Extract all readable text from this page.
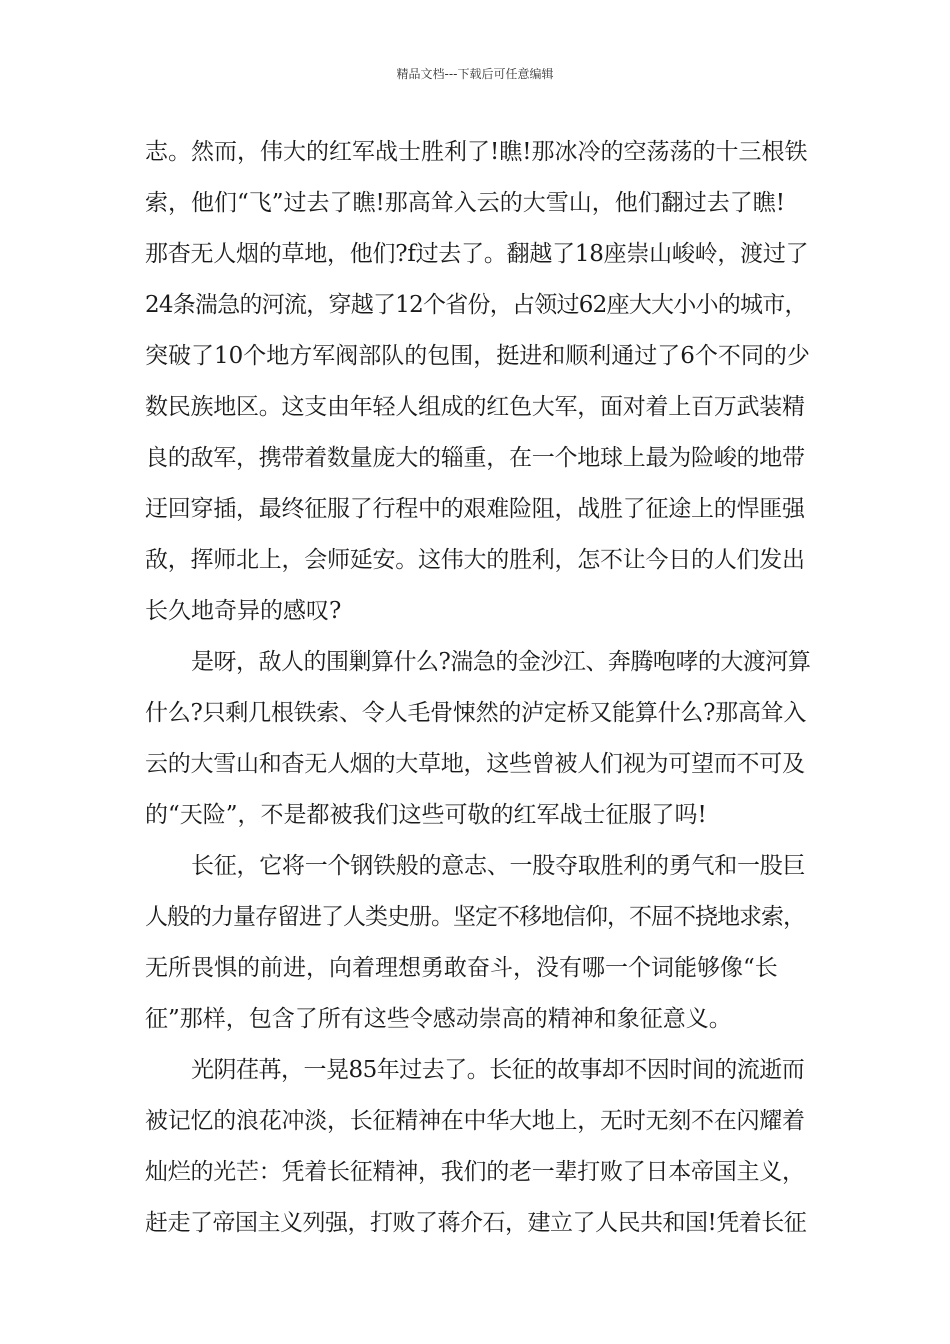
精品文档---下载后可任意编辑
志。然而，伟大的红军战士胜利了!瞧!那冰冷的空荡荡的十三根铁
索，他们“飞”过去了瞧!那高耸入云的大雪山，他们翻过去了瞧!
那杳无人烟的草地，他们?f过去了。翻越了18座崇山峻岭，渡过了
24条湍急的河流，穿越了12个省份，占领过62座大大小小的城市，
突破了10个地方军阀部队的包围，挺进和顺利通过了6个不同的少
数民族地区。这支由年轻人组成的红色大军，面对着上百万武装精
良的敌军，携带着数量庞大的辎重，在一个地球上最为险峻的地带
迂回穿插，最终征服了行程中的艰难险阻，战胜了征途上的悍匪强
敌，挥师北上，会师延安。这伟大的胜利，怎不让今日的人们发出
长久地奇异的感叹?
是呀，敌人的围剿算什么?湍急的金沙江、奔腾咆哮的大渡河算
什么?只剩几根铁索、令人毛骨悚然的泸定桥又能算什么?那高耸入
云的大雪山和杳无人烟的大草地，这些曾被人们视为可望而不可及
的“天险”，不是都被我们这些可敬的红军战士征服了吗!
长征，它将一个钢铁般的意志、一股夺取胜利的勇气和一股巨
人般的力量存留进了人类史册。坚定不移地信仰，不屈不挠地求索，
无所畏惧的前进，向着理想勇敢奋斗，没有哪一个词能够像“长
征”那样，包含了所有这些令感动崇高的精神和象征意义。
光阴荏苒，一晃85年过去了。长征的故事却不因时间的流逝而
被记忆的浪花冲淡，长征精神在中华大地上，无时无刻不在闪耀着
灿烂的光芒：凭着长征精神，我们的老一辈打败了日本帝国主义，
赶走了帝国主义列强，打败了蒋介石，建立了人民共和国!凭着长征
